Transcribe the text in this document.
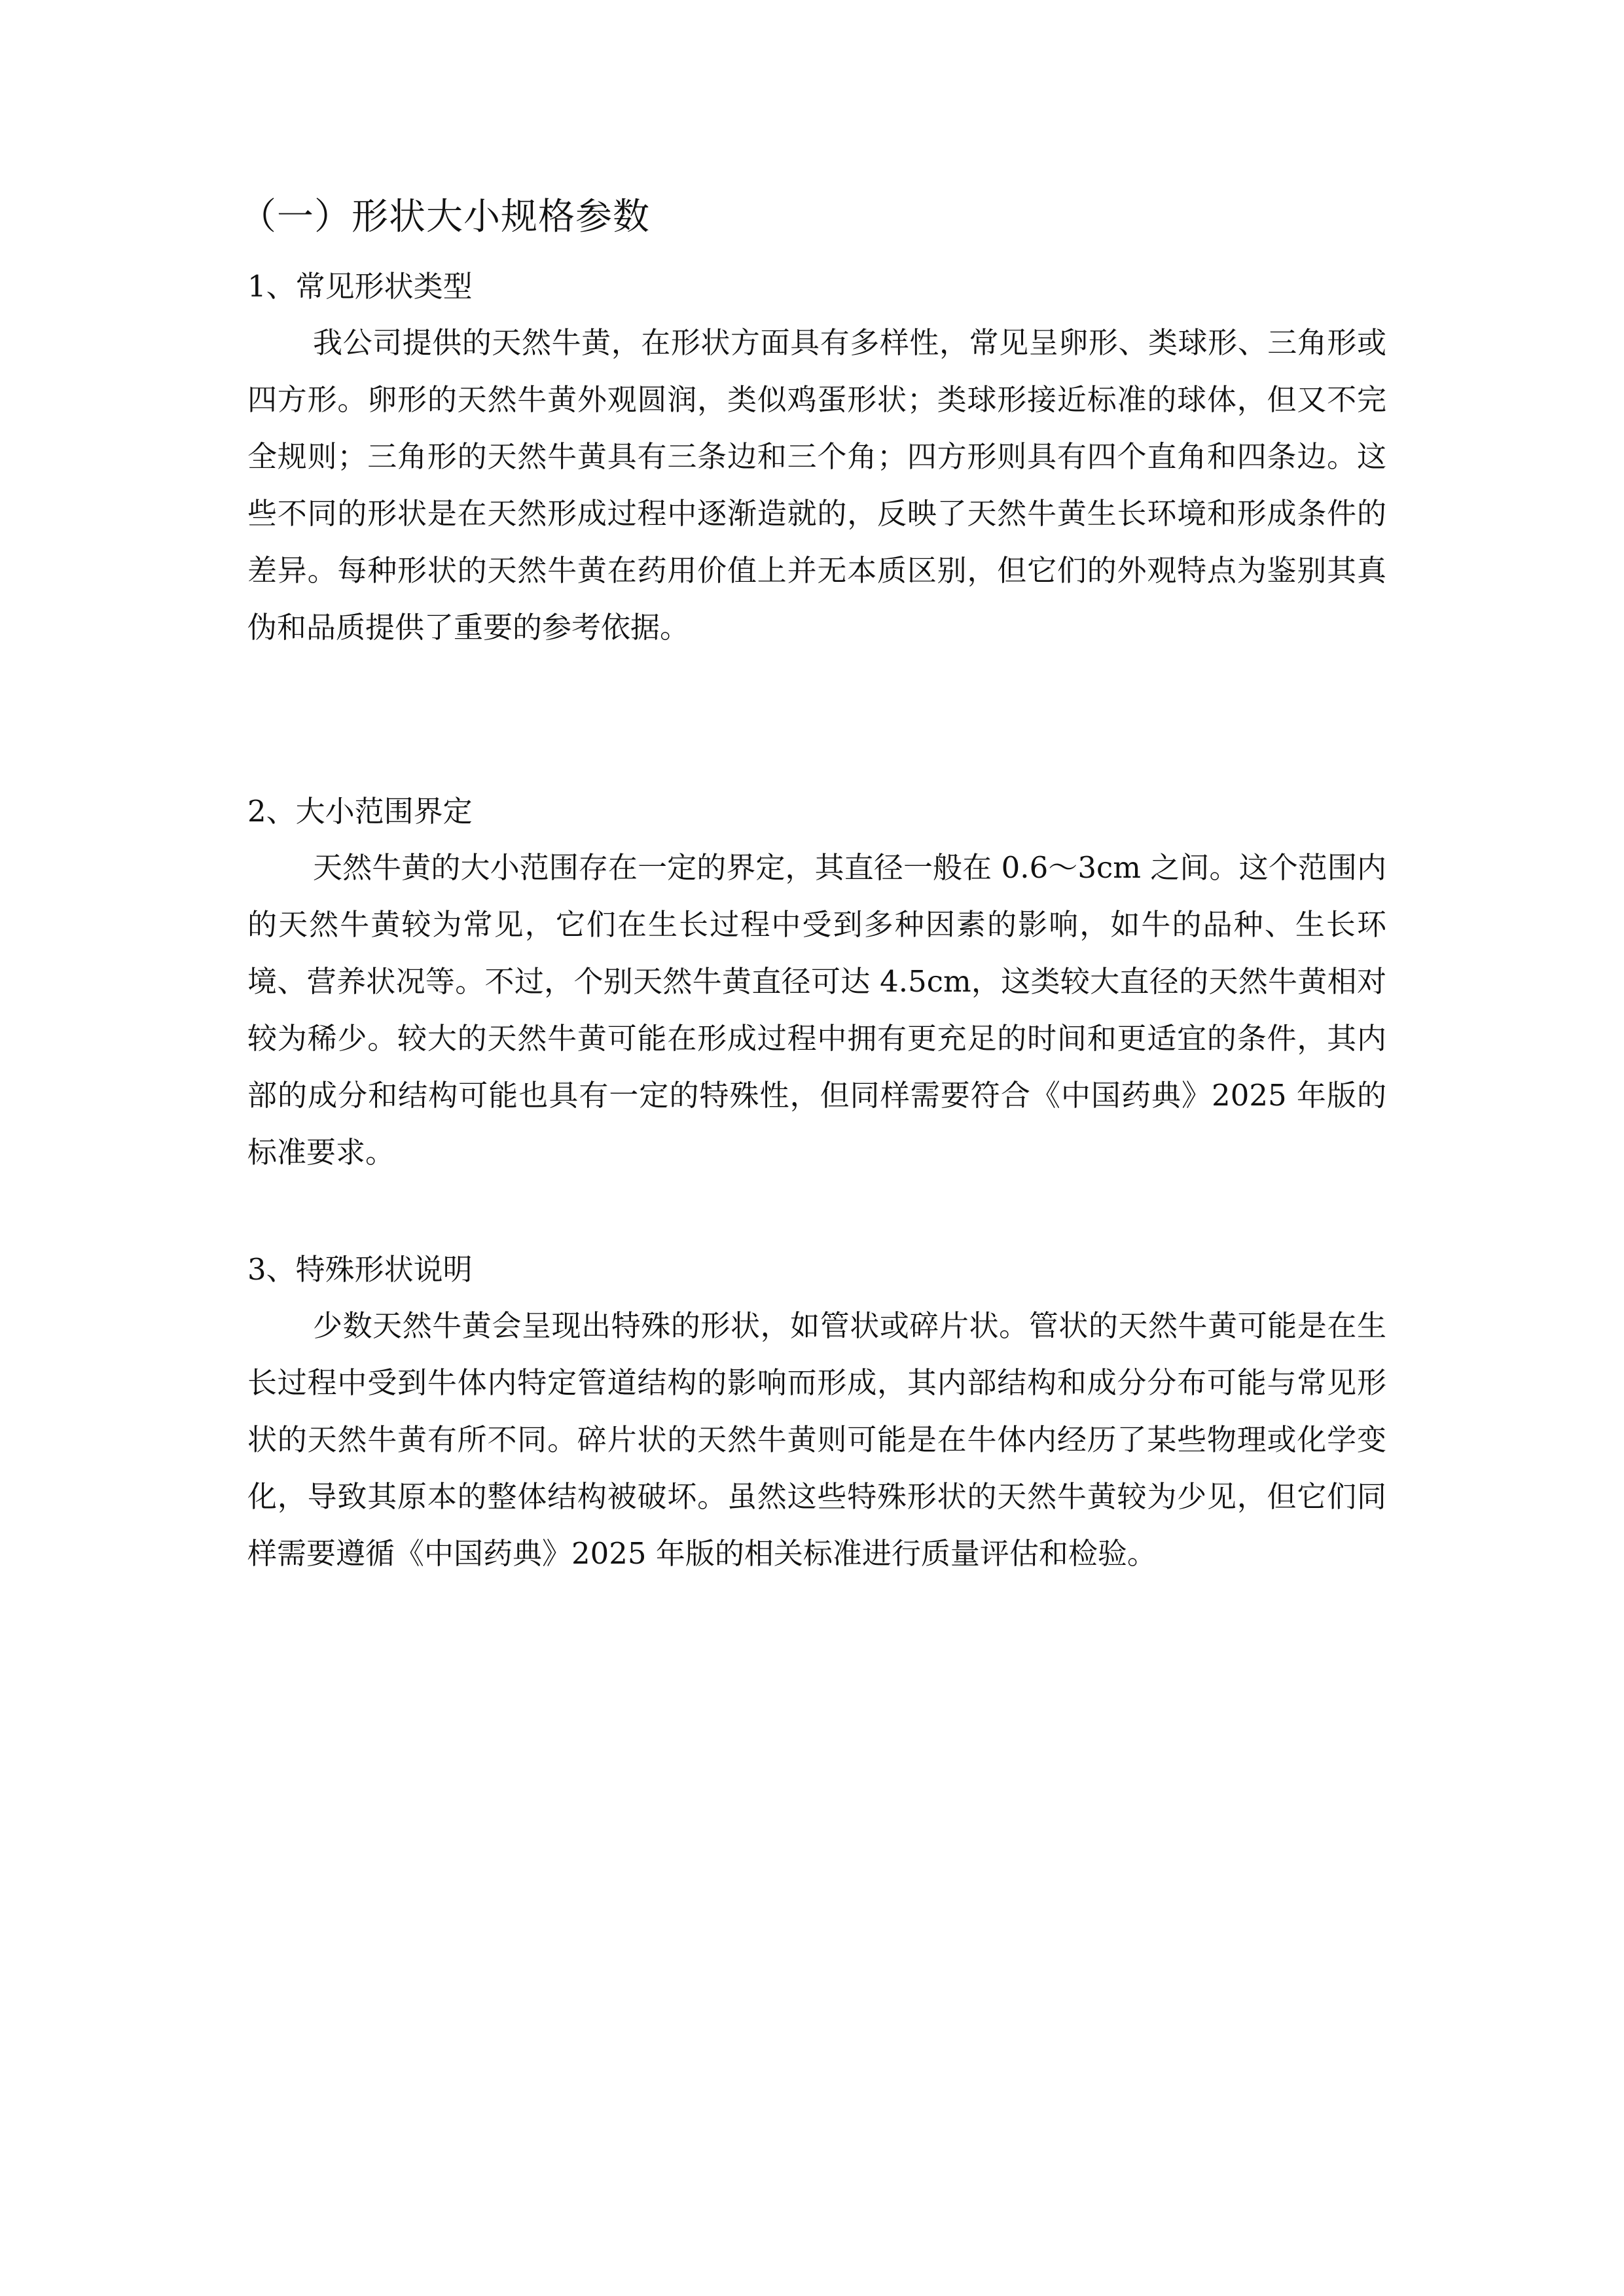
（一）形状大小规格参数
1、常见形状类型

我公司提供的天然牛黄，在形状方面具有多样性，常见呈卵形、类球形、三角形或四方形。卵形的天然牛黄外观圆润，类似鸡蛋形状；类球形接近标准的球体，但又不完全规则；三角形的天然牛黄具有三条边和三个角；四方形则具有四个直角和四条边。这些不同的形状是在天然形成过程中逐渐造就的，反映了天然牛黄生长环境和形成条件的差异。每种形状的天然牛黄在药用价值上并无本质区别，但它们的外观特点为鉴别其真伪和品质提供了重要的参考依据。

2、大小范围界定

天然牛黄的大小范围存在一定的界定，其直径一般在 0.6～3cm 之间。这个范围内的天然牛黄较为常见，它们在生长过程中受到多种因素的影响，如牛的品种、生长环境、营养状况等。不过，个别天然牛黄直径可达 4.5cm，这类较大直径的天然牛黄相对较为稀少。较大的天然牛黄可能在形成过程中拥有更充足的时间和更适宜的条件，其内部的成分和结构可能也具有一定的特殊性，但同样需要符合《中国药典》2025 年版的标准要求。

3、特殊形状说明

少数天然牛黄会呈现出特殊的形状，如管状或碎片状。管状的天然牛黄可能是在生长过程中受到牛体内特定管道结构的影响而形成，其内部结构和成分分布可能与常见形状的天然牛黄有所不同。碎片状的天然牛黄则可能是在牛体内经历了某些物理或化学变化，导致其原本的整体结构被破坏。虽然这些特殊形状的天然牛黄较为少见，但它们同样需要遵循《中国药典》2025 年版的相关标准进行质量评估和检验。
